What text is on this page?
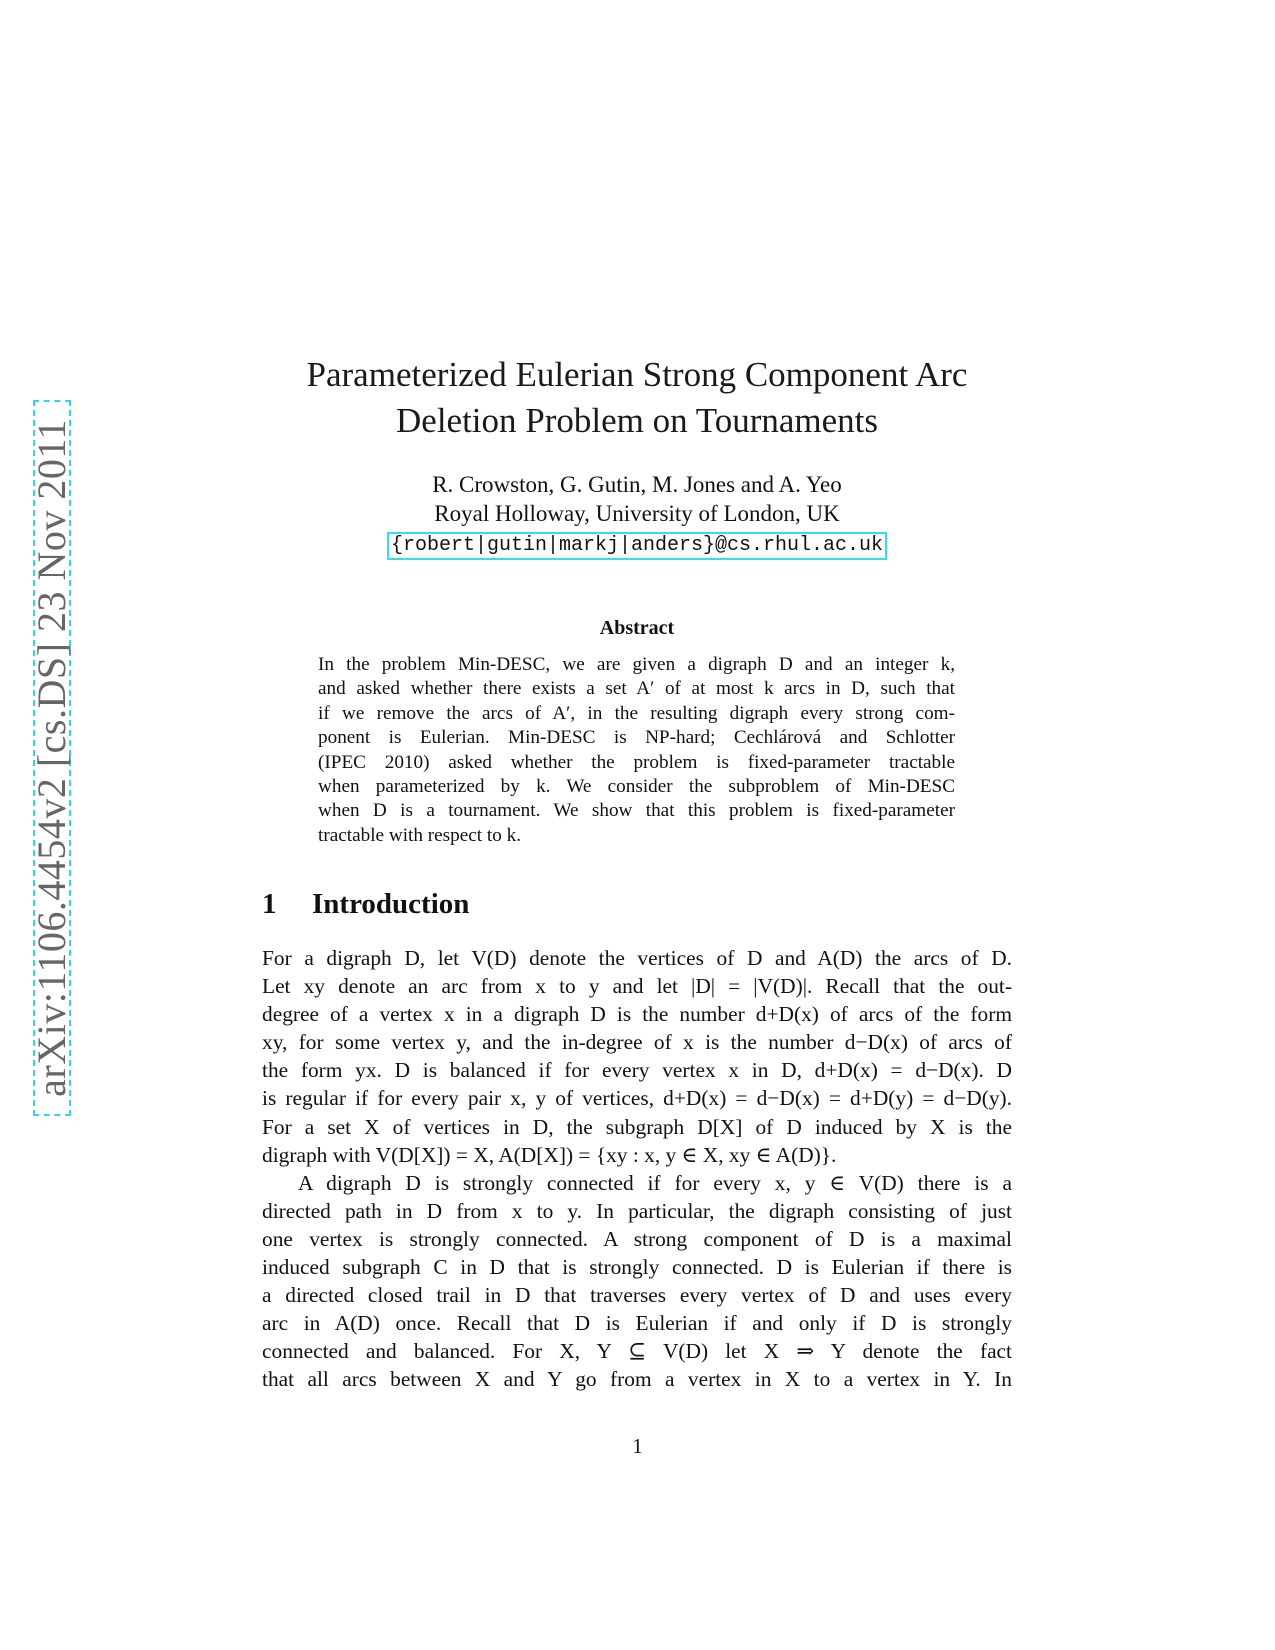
arXiv:1106.4454v2 [cs.DS] 23 Nov 2011
Parameterized Eulerian Strong Component Arc
Deletion Problem on Tournaments
R. Crowston, G. Gutin, M. Jones and A. Yeo
Royal Holloway, University of London, UK
{robert|gutin|markj|anders}@cs.rhul.ac.uk
Abstract
In the problem Min-DESC, we are given a digraph D and an integer k,
and asked whether there exists a set A′ of at most k arcs in D, such that
if we remove the arcs of A′, in the resulting digraph every strong com-
ponent is Eulerian. Min-DESC is NP-hard; Cechlárová and Schlotter
(IPEC 2010) asked whether the problem is fixed-parameter tractable
when parameterized by k. We consider the subproblem of Min-DESC
when D is a tournament. We show that this problem is fixed-parameter
tractable with respect to k.
1 Introduction
For a digraph D, let V(D) denote the vertices of D and A(D) the arcs of D.
Let xy denote an arc from x to y and let |D| = |V(D)|. Recall that the out-
degree of a vertex x in a digraph D is the number d+D(x) of arcs of the form
xy, for some vertex y, and the in-degree of x is the number d−D(x) of arcs of
the form yx. D is balanced if for every vertex x in D, d+D(x) = d−D(x). D
is regular if for every pair x, y of vertices, d+D(x) = d−D(x) = d+D(y) = d−D(y).
For a set X of vertices in D, the subgraph D[X] of D induced by X is the
digraph with V(D[X]) = X, A(D[X]) = {xy : x, y ∈ X, xy ∈ A(D)}.
A digraph D is strongly connected if for every x, y ∈ V(D) there is a
directed path in D from x to y. In particular, the digraph consisting of just
one vertex is strongly connected. A strong component of D is a maximal
induced subgraph C in D that is strongly connected. D is Eulerian if there is
a directed closed trail in D that traverses every vertex of D and uses every
arc in A(D) once. Recall that D is Eulerian if and only if D is strongly
connected and balanced. For X, Y ⊆ V(D) let X ⇒ Y denote the fact
that all arcs between X and Y go from a vertex in X to a vertex in Y. In
1
